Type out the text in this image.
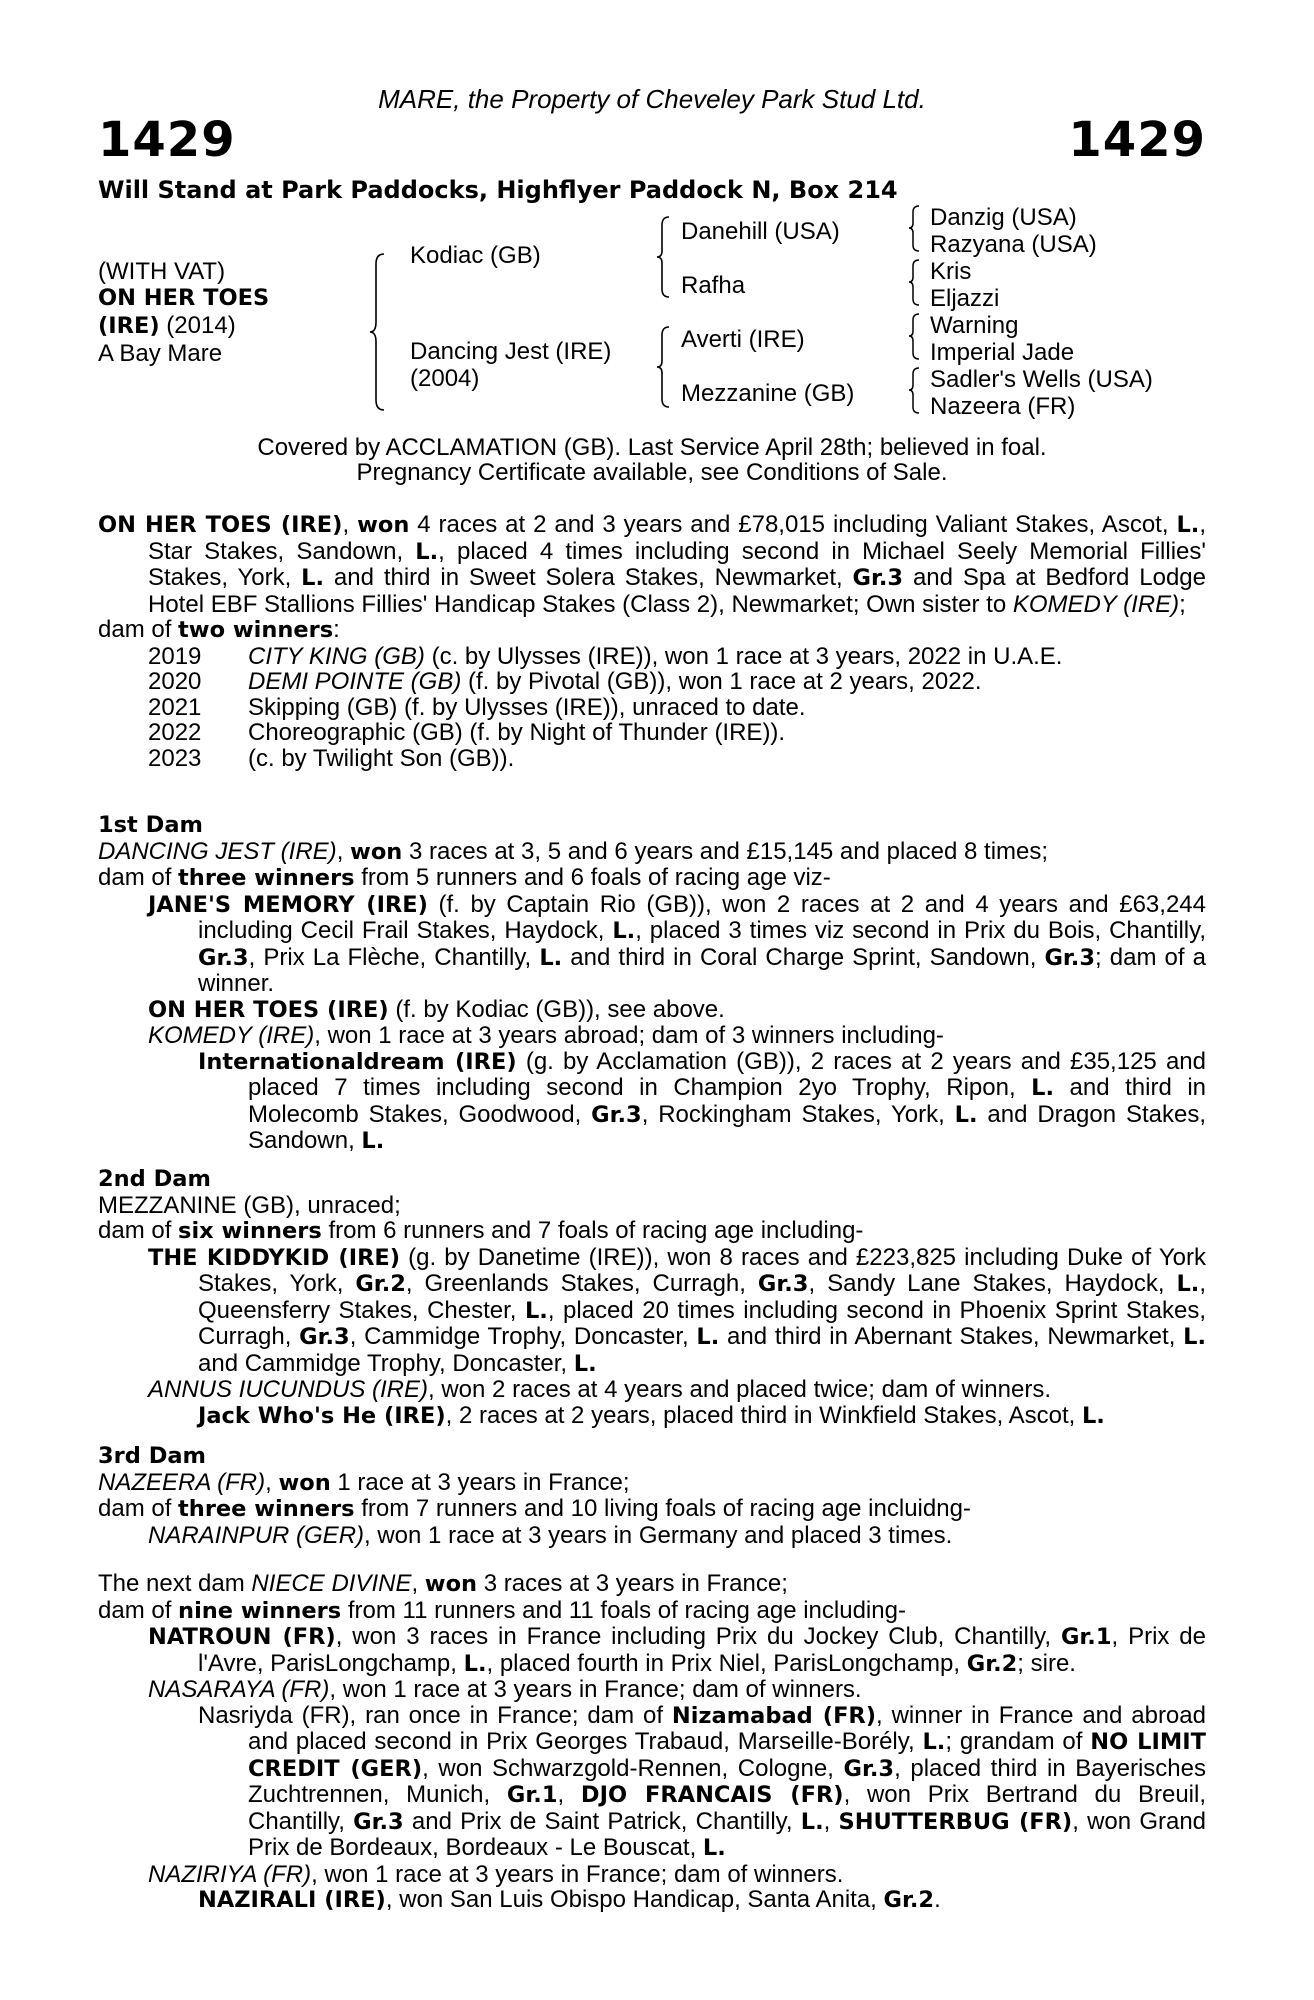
MARE, the Property of Cheveley Park Stud Ltd.
1429	1429
Will Stand at Park Paddocks, Highflyer Paddock N, Box 214
(WITH VAT)
ON HER TOES
(IRE) (2014)
A Bay Mare
Kodiac (GB)
Dancing Jest (IRE)
(2004)
Danehill (USA)
Rafha
Averti (IRE)
Mezzanine (GB)
Danzig (USA)
Razyana (USA)
Kris
Eljazzi
Warning
Imperial Jade
Sadler's Wells (USA)
Nazeera (FR)
Covered by ACCLAMATION (GB). Last Service April 28th; believed in foal.
Pregnancy Certificate available, see Conditions of Sale.

ON HER TOES (IRE), won 4 races at 2 and 3 years and £78,015 including Valiant Stakes, Ascot, L., Star Stakes, Sandown, L., placed 4 times including second in Michael Seely Memorial Fillies' Stakes, York, L. and third in Sweet Solera Stakes, Newmarket, Gr.3 and Spa at Bedford Lodge Hotel EBF Stallions Fillies' Handicap Stakes (Class 2), Newmarket; Own sister to KOMEDY (IRE);

dam of two winners:

2019	CITY KING (GB) (c. by Ulysses (IRE)), won 1 race at 3 years, 2022 in U.A.E.
2020	DEMI POINTE (GB) (f. by Pivotal (GB)), won 1 race at 2 years, 2022.
2021	Skipping (GB) (f. by Ulysses (IRE)), unraced to date.
2022	Choreographic (GB) (f. by Night of Thunder (IRE)).
2023	(c. by Twilight Son (GB)).

1st Dam

DANCING JEST (IRE), won 3 races at 3, 5 and 6 years and £15,145 and placed 8 times;

dam of three winners from 5 runners and 6 foals of racing age viz-

JANE'S MEMORY (IRE) (f. by Captain Rio (GB)), won 2 races at 2 and 4 years and £63,244 including Cecil Frail Stakes, Haydock, L., placed 3 times viz second in Prix du Bois, Chantilly, Gr.3, Prix La Flèche, Chantilly, L. and third in Coral Charge Sprint, Sandown, Gr.3; dam of a winner.

ON HER TOES (IRE) (f. by Kodiac (GB)), see above.

KOMEDY (IRE), won 1 race at 3 years abroad; dam of 3 winners including-

Internationaldream (IRE) (g. by Acclamation (GB)), 2 races at 2 years and £35,125 and placed 7 times including second in Champion 2yo Trophy, Ripon, L. and third in Molecomb Stakes, Goodwood, Gr.3, Rockingham Stakes, York, L. and Dragon Stakes, Sandown, L.

2nd Dam

MEZZANINE (GB), unraced;

dam of six winners from 6 runners and 7 foals of racing age including-

THE KIDDYKID (IRE) (g. by Danetime (IRE)), won 8 races and £223,825 including Duke of York Stakes, York, Gr.2, Greenlands Stakes, Curragh, Gr.3, Sandy Lane Stakes, Haydock, L., Queensferry Stakes, Chester, L., placed 20 times including second in Phoenix Sprint Stakes, Curragh, Gr.3, Cammidge Trophy, Doncaster, L. and third in Abernant Stakes, Newmarket, L. and Cammidge Trophy, Doncaster, L.

ANNUS IUCUNDUS (IRE), won 2 races at 4 years and placed twice; dam of winners.

Jack Who's He (IRE), 2 races at 2 years, placed third in Winkfield Stakes, Ascot, L.

3rd Dam

NAZEERA (FR), won 1 race at 3 years in France;

dam of three winners from 7 runners and 10 living foals of racing age incluidng-

NARAINPUR (GER), won 1 race at 3 years in Germany and placed 3 times.

The next dam NIECE DIVINE, won 3 races at 3 years in France;

dam of nine winners from 11 runners and 11 foals of racing age including-

NATROUN (FR), won 3 races in France including Prix du Jockey Club, Chantilly, Gr.1, Prix de l'Avre, ParisLongchamp, L., placed fourth in Prix Niel, ParisLongchamp, Gr.2; sire.

NASARAYA (FR), won 1 race at 3 years in France; dam of winners.

Nasriyda (FR), ran once in France; dam of Nizamabad (FR), winner in France and abroad and placed second in Prix Georges Trabaud, Marseille-Borély, L.; grandam of NO LIMIT CREDIT (GER), won Schwarzgold-Rennen, Cologne, Gr.3, placed third in Bayerisches Zuchtrennen, Munich, Gr.1, DJO FRANCAIS (FR), won Prix Bertrand du Breuil, Chantilly, Gr.3 and Prix de Saint Patrick, Chantilly, L., SHUTTERBUG (FR), won Grand Prix de Bordeaux, Bordeaux - Le Bouscat, L.

NAZIRIYA (FR), won 1 race at 3 years in France; dam of winners.

NAZIRALI (IRE), won San Luis Obispo Handicap, Santa Anita, Gr.2.
